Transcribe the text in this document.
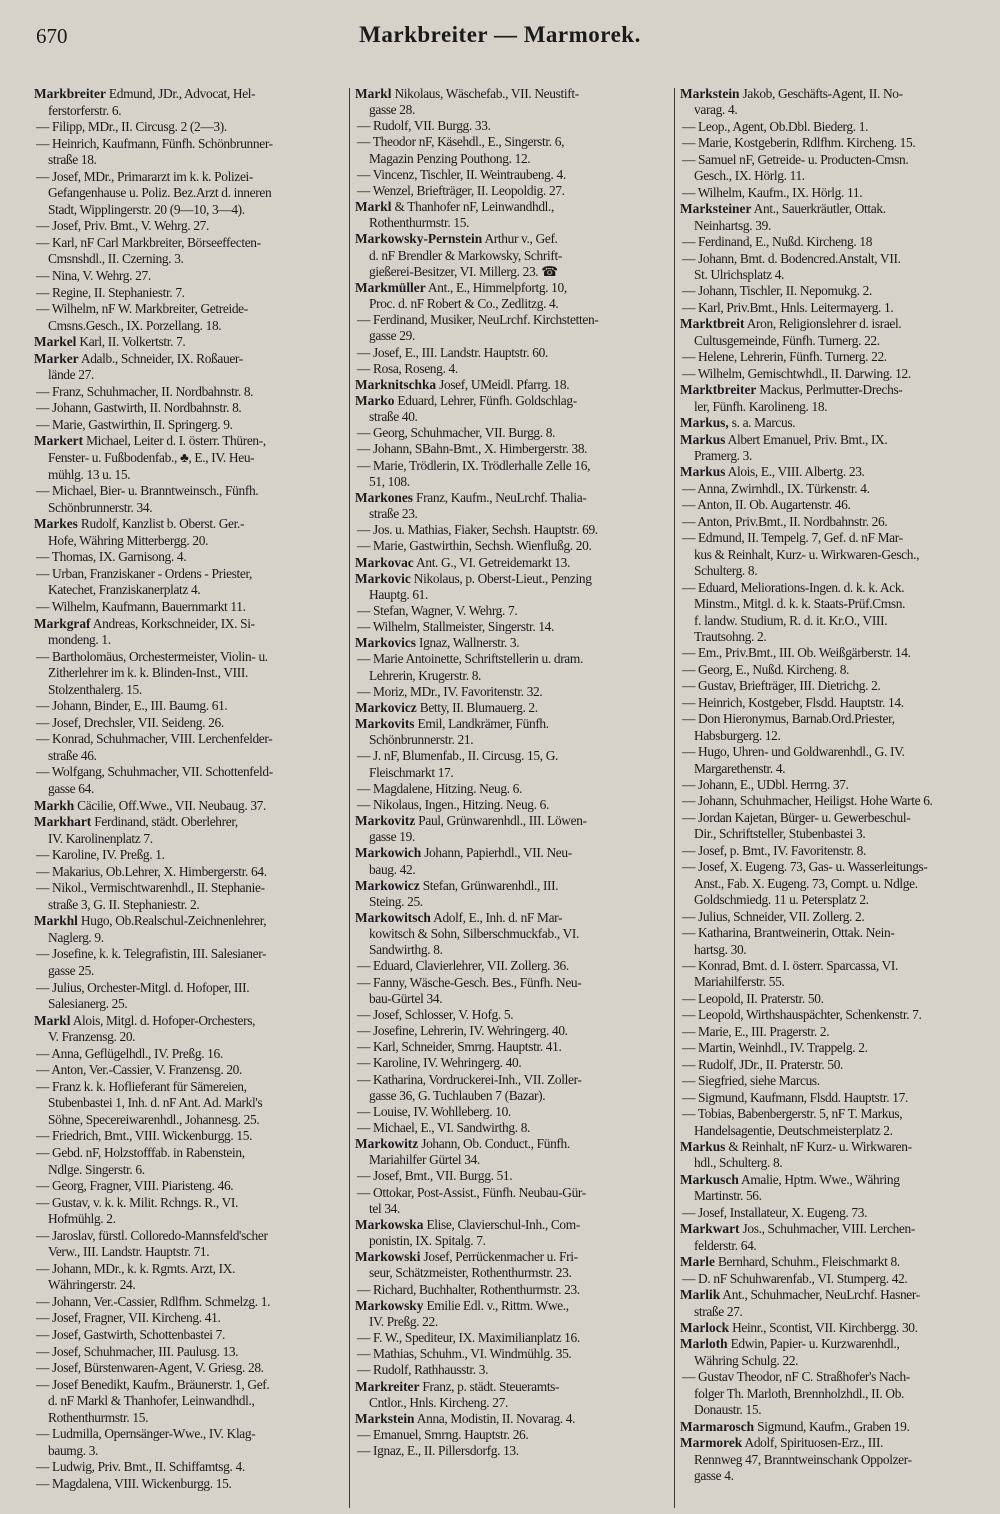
670	Markbreiter — Marmorek.
Markbreiter Edmund, JDr., Advocat, Hel-
ferstorferstr. 6.
— Filipp, MDr., II. Circusg. 2 (2—3).
— Heinrich, Kaufmann, Fünfh. Schönbrunner-
straße 18.
— Josef, MDr., Primararzt im k. k. Polizei-
Gefangenhause u. Poliz. Bez.Arzt d. inneren
Stadt, Wipplingerstr. 20 (9—10, 3—4).
— Josef, Priv. Bmt., V. Wehrg. 27.
— Karl, nF Carl Markbreiter, Börseeffecten-
Cmsnshdl., II. Czerning. 3.
— Nina, V. Wehrg. 27.
— Regine, II. Stephaniestr. 7.
— Wilhelm, nF W. Markbreiter, Getreide-
Cmsns.Gesch., IX. Porzellang. 18.
Markel Karl, II. Volkertstr. 7.
Marker Adalb., Schneider, IX. Roßauer-
lände 27.
— Franz, Schuhmacher, II. Nordbahnstr. 8.
— Johann, Gastwirth, II. Nordbahnstr. 8.
— Marie, Gastwirthin, II. Springerg. 9.
Markert Michael, Leiter d. I. österr. Thüren-,
Fenster- u. Fußbodenfab., ♣, E., IV. Heu-
mühlg. 13 u. 15.
— Michael, Bier- u. Branntweinsch., Fünfh.
Schönbrunnerstr. 34.
Markes Rudolf, Kanzlist b. Oberst. Ger.-
Hofe, Währing Mitterbergg. 20.
— Thomas, IX. Garnisong. 4.
— Urban, Franziskaner - Ordens - Priester,
Katechet, Franziskanerplatz 4.
— Wilhelm, Kaufmann, Bauernmarkt 11.
Markgraf Andreas, Korkschneider, IX. Si-
mondeng. 1.
— Bartholomäus, Orchestermeister, Violin- u.
Zitherlehrer im k. k. Blinden-Inst., VIII.
Stolzenthalerg. 15.
— Johann, Binder, E., III. Baumg. 61.
— Josef, Drechsler, VII. Seideng. 26.
— Konrad, Schuhmacher, VIII. Lerchenfelder-
straße 46.
— Wolfgang, Schuhmacher, VII. Schottenfeld-
gasse 64.
Markh Cäcilie, Off.Wwe., VII. Neubaug. 37.
Markhart Ferdinand, städt. Oberlehrer,
IV. Karolinenplatz 7.
— Karoline, IV. Preßg. 1.
— Makarius, Ob.Lehrer, X. Himbergerstr. 64.
— Nikol., Vermischtwarenhdl., II. Stephanie-
straße 3, G. II. Stephaniestr. 2.
Markhl Hugo, Ob.Realschul-Zeichnenlehrer,
Naglerg. 9.
— Josefine, k. k. Telegrafistin, III. Salesianer-
gasse 25.
— Julius, Orchester-Mitgl. d. Hofoper, III.
Salesianerg. 25.
Markl Alois, Mitgl. d. Hofoper-Orchesters,
V. Franzensg. 20.
— Anna, Geflügelhdl., IV. Preßg. 16.
— Anton, Ver.-Cassier, V. Franzensg. 20.
— Franz k. k. Hoflieferant für Sämereien,
Stubenbastei 1, Inh. d. nF Ant. Ad. Markl's
Söhne, Specereiwarenhdl., Johannesg. 25.
— Friedrich, Bmt., VIII. Wickenburgg. 15.
— Gebd. nF, Holzstofffab. in Rabenstein,
Ndlge. Singerstr. 6.
— Georg, Fragner, VIII. Piaristeng. 46.
— Gustav, v. k. k. Milit. Rchngs. R., VI.
Hofmühlg. 2.
— Jaroslav, fürstl. Colloredo-Mannsfeld'scher
Verw., III. Landstr. Hauptstr. 71.
— Johann, MDr., k. k. Rgmts. Arzt, IX.
Währingerstr. 24.
— Johann, Ver.-Cassier, Rdlfhm. Schmelzg. 1.
— Josef, Fragner, VII. Kircheng. 41.
— Josef, Gastwirth, Schottenbastei 7.
— Josef, Schuhmacher, III. Paulusg. 13.
— Josef, Bürstenwaren-Agent, V. Griesg. 28.
— Josef Benedikt, Kaufm., Bräunerstr. 1, Gef.
d. nF Markl & Thanhofer, Leinwandhdl.,
Rothenthurmstr. 15.
— Ludmilla, Opernsänger-Wwe., IV. Klag-
baumg. 3.
— Ludwig, Priv. Bmt., II. Schiffamtsg. 4.
— Magdalena, VIII. Wickenburgg. 15.
Markl Nikolaus, Wäschefab., VII. Neustift-
gasse 28.
— Rudolf, VII. Burgg. 33.
— Theodor nF, Käsehdl., E., Singerstr. 6,
Magazin Penzing Pouthong. 12.
— Vincenz, Tischler, II. Weintraubeng. 4.
— Wenzel, Briefträger, II. Leopoldig. 27.
Markl & Thanhofer nF, Leinwandhdl.,
Rothenthurmstr. 15.
Markowsky-Pernstein Arthur v., Gef.
d. nF Brendler & Markowsky, Schrift-
gießerei-Besitzer, VI. Millerg. 23. ☎
Markmüller Ant., E., Himmelpfortg. 10,
Proc. d. nF Robert & Co., Zedlitzg. 4.
— Ferdinand, Musiker, NeuLrchf. Kirchstetten-
gasse 29.
— Josef, E., III. Landstr. Hauptstr. 60.
— Rosa, Roseng. 4.
Marknitschka Josef, UMeidl. Pfarrg. 18.
Marko Eduard, Lehrer, Fünfh. Goldschlag-
straße 40.
— Georg, Schuhmacher, VII. Burgg. 8.
— Johann, SBahn-Bmt., X. Himbergerstr. 38.
— Marie, Trödlerin, IX. Trödlerhalle Zelle 16,
51, 108.
Markones Franz, Kaufm., NeuLrchf. Thalia-
straße 23.
— Jos. u. Mathias, Fiaker, Sechsh. Hauptstr. 69.
— Marie, Gastwirthin, Sechsh. Wienflußg. 20.
Markovac Ant. G., VI. Getreidemarkt 13.
Markovic Nikolaus, p. Oberst-Lieut., Penzing
Hauptg. 61.
— Stefan, Wagner, V. Wehrg. 7.
— Wilhelm, Stallmeister, Singerstr. 14.
Markovics Ignaz, Wallnerstr. 3.
— Marie Antoinette, Schriftstellerin u. dram.
Lehrerin, Krugerstr. 8.
— Moriz, MDr., IV. Favoritenstr. 32.
Markovicz Betty, II. Blumauerg. 2.
Markovits Emil, Landkrämer, Fünfh.
Schönbrunnerstr. 21.
— J. nF, Blumenfab., II. Circusg. 15, G.
Fleischmarkt 17.
— Magdalene, Hitzing. Neug. 6.
— Nikolaus, Ingen., Hitzing. Neug. 6.
Markovitz Paul, Grünwarenhdl., III. Löwen-
gasse 19.
Markowich Johann, Papierhdl., VII. Neu-
baug. 42.
Markowicz Stefan, Grünwarenhdl., III.
Steing. 25.
Markowitsch Adolf, E., Inh. d. nF Mar-
kowitsch & Sohn, Silberschmuckfab., VI.
Sandwirthg. 8.
— Eduard, Clavierlehrer, VII. Zollerg. 36.
— Fanny, Wäsche-Gesch. Bes., Fünfh. Neu-
bau-Gürtel 34.
— Josef, Schlosser, V. Hofg. 5.
— Josefine, Lehrerin, IV. Wehringerg. 40.
— Karl, Schneider, Smrng. Hauptstr. 41.
— Karoline, IV. Wehringerg. 40.
— Katharina, Vordruckerei-Inh., VII. Zoller-
gasse 36, G. Tuchlauben 7 (Bazar).
— Louise, IV. Wohlleberg. 10.
— Michael, E., VI. Sandwirthg. 8.
Markowitz Johann, Ob. Conduct., Fünfh.
Mariahilfer Gürtel 34.
— Josef, Bmt., VII. Burgg. 51.
— Ottokar, Post-Assist., Fünfh. Neubau-Gür-
tel 34.
Markowska Elise, Clavierschul-Inh., Com-
ponistin, IX. Spitalg. 7.
Markowski Josef, Perrückenmacher u. Fri-
seur, Schätzmeister, Rothenthurmstr. 23.
— Richard, Buchhalter, Rothenthurmstr. 23.
Markowsky Emilie Edl. v., Rittm. Wwe.,
IV. Preßg. 22.
— F. W., Spediteur, IX. Maximilianplatz 16.
— Mathias, Schuhm., VI. Windmühlg. 35.
— Rudolf, Rathhausstr. 3.
Markreiter Franz, p. städt. Steueramts-
Cntlor., Hnls. Kircheng. 27.
Markstein Anna, Modistin, II. Novarag. 4.
— Emanuel, Smrng. Hauptstr. 26.
— Ignaz, E., II. Pillersdorfg. 13.
Markstein Jakob, Geschäfts-Agent, II. No-
varag. 4.
— Leop., Agent, Ob.Dbl. Biederg. 1.
— Marie, Kostgeberin, Rdlfhm. Kircheng. 15.
— Samuel nF, Getreide- u. Producten-Cmsn.
Gesch., IX. Hörlg. 11.
— Wilhelm, Kaufm., IX. Hörlg. 11.
Marksteiner Ant., Sauerkräutler, Ottak.
Neinhartsg. 39.
— Ferdinand, E., Nußd. Kircheng. 18
— Johann, Bmt. d. Bodencred.Anstalt, VII.
St. Ulrichsplatz 4.
— Johann, Tischler, II. Nepomukg. 2.
— Karl, Priv.Bmt., Hnls. Leitermayerg. 1.
Marktbreit Aron, Religionslehrer d. israel.
Cultusgemeinde, Fünfh. Turnerg. 22.
— Helene, Lehrerin, Fünfh. Turnerg. 22.
— Wilhelm, Gemischtwhdl., II. Darwing. 12.
Marktbreiter Mackus, Perlmutter-Drechs-
ler, Fünfh. Karolineng. 18.
Markus, s. a. Marcus.
Markus Albert Emanuel, Priv. Bmt., IX.
Pramerg. 3.
Markus Alois, E., VIII. Albertg. 23.
— Anna, Zwirnhdl., IX. Türkenstr. 4.
— Anton, II. Ob. Augartenstr. 46.
— Anton, Priv.Bmt., II. Nordbahnstr. 26.
— Edmund, II. Tempelg. 7, Gef. d. nF Mar-
kus & Reinhalt, Kurz- u. Wirkwaren-Gesch.,
Schulterg. 8.
— Eduard, Meliorations-Ingen. d. k. k. Ack.
Minstm., Mitgl. d. k. k. Staats-Prüf.Cmsn.
f. landw. Studium, R. d. it. Kr.O., VIII.
Trautsohng. 2.
— Em., Priv.Bmt., III. Ob. Weißgärberstr. 14.
— Georg, E., Nußd. Kircheng. 8.
— Gustav, Briefträger, III. Dietrichg. 2.
— Heinrich, Kostgeber, Flsdd. Hauptstr. 14.
— Don Hieronymus, Barnab.Ord.Priester,
Habsburgerg. 12.
— Hugo, Uhren- und Goldwarenhdl., G. IV.
Margarethenstr. 4.
— Johann, E., UDbl. Herrng. 37.
— Johann, Schuhmacher, Heiligst. Hohe Warte 6.
— Jordan Kajetan, Bürger- u. Gewerbeschul-
Dir., Schriftsteller, Stubenbastei 3.
— Josef, p. Bmt., IV. Favoritenstr. 8.
— Josef, X. Eugeng. 73, Gas- u. Wasserleitungs-
Anst., Fab. X. Eugeng. 73, Compt. u. Ndlge.
Goldschmiedg. 11 u. Petersplatz 2.
— Julius, Schneider, VII. Zollerg. 2.
— Katharina, Brantweinerin, Ottak. Nein-
hartsg. 30.
— Konrad, Bmt. d. I. österr. Sparcassa, VI.
Mariahilferstr. 55.
— Leopold, II. Praterstr. 50.
— Leopold, Wirthshauspächter, Schenkenstr. 7.
— Marie, E., III. Pragerstr. 2.
— Martin, Weinhdl., IV. Trappelg. 2.
— Rudolf, JDr., II. Praterstr. 50.
— Siegfried, siehe Marcus.
— Sigmund, Kaufmann, Flsdd. Hauptstr. 17.
— Tobias, Babenbergerstr. 5, nF T. Markus,
Handelsagentie, Deutschmeisterplatz 2.
Markus & Reinhalt, nF Kurz- u. Wirkwaren-
hdl., Schulterg. 8.
Markusch Amalie, Hptm. Wwe., Währing
Martinstr. 56.
— Josef, Installateur, X. Eugeng. 73.
Markwart Jos., Schuhmacher, VIII. Lerchen-
felderstr. 64.
Marle Bernhard, Schuhm., Fleischmarkt 8.
— D. nF Schuhwarenfab., VI. Stumperg. 42.
Marlik Ant., Schuhmacher, NeuLrchf. Hasner-
straße 27.
Marlock Heinr., Scontist, VII. Kirchbergg. 30.
Marloth Edwin, Papier- u. Kurzwarenhdl.,
Währing Schulg. 22.
— Gustav Theodor, nF C. Straßhofer's Nach-
folger Th. Marloth, Brennholzhdl., II. Ob.
Donaustr. 15.
Marmarosch Sigmund, Kaufm., Graben 19.
Marmorek Adolf, Spirituosen-Erz., III.
Rennweg 47, Branntweinschank Oppolzer-
gasse 4.
